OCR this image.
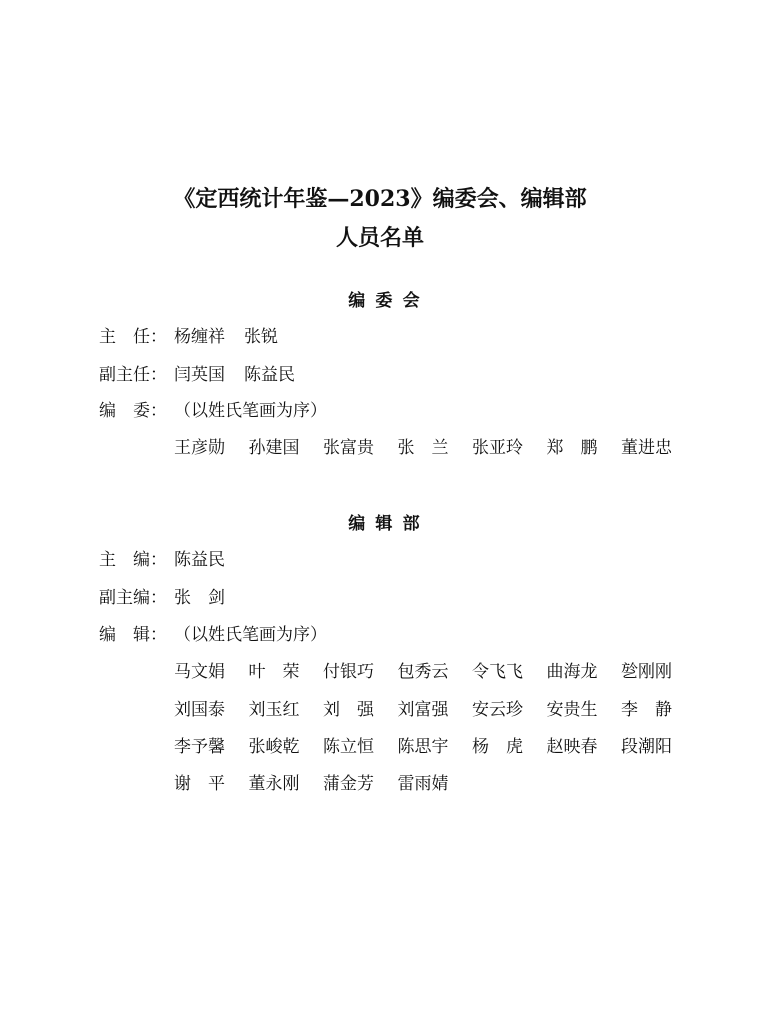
《定西统计年鉴—2023》编委会、编辑部
人员名单
编委会
主　任： 杨缠祥 张锐
副主任： 闫英国 陈益民
编　委： （以姓氏笔画为序）
王彦勋 孙建国 张富贵 张　兰 张亚玲 郑　鹏 董进忠
编辑部
主　编： 陈益民
副主编： 张　剑
编　辑： （以姓氏笔画为序）
马文娟 叶　荣 付银巧 包秀云 令飞飞 曲海龙 乻刚刚
刘国泰 刘玉红 刘　强 刘富强 安云珍 安贵生 李　静
李予馨 张峻乾 陈立恒 陈思宇 杨　虎 赵映春 段潮阳
谢　平 董永刚 蒲金芳 雷雨婧
